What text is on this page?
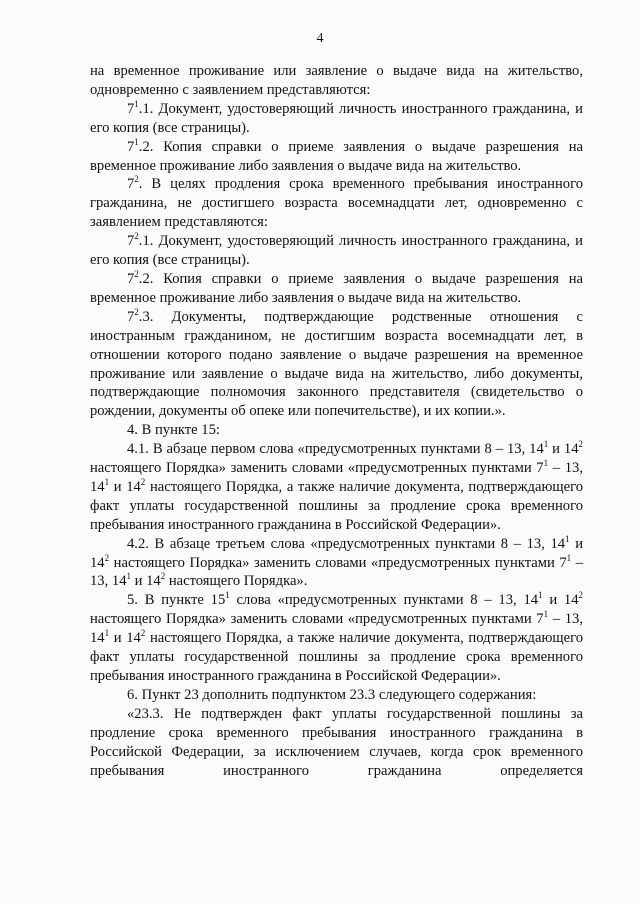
4

на временное проживание или заявление о выдаче вида на жительство, одновременно с заявлением представляются:

$7^1.1$. Документ, удостоверяющий личность иностранного гражданина, и его копия (все страницы).

$7^1.2$. Копия справки о приеме заявления о выдаче разрешения на временное проживание либо заявления о выдаче вида на жительство.

$7^2$. В целях продления срока временного пребывания иностранного гражданина, не достигшего возраста восемнадцати лет, одновременно с заявлением представляются:

$7^2.1$. Документ, удостоверяющий личность иностранного гражданина, и его копия (все страницы).

$7^2.2$. Копия справки о приеме заявления о выдаче разрешения на временное проживание либо заявления о выдаче вида на жительство.

$7^2.3$. Документы, подтверждающие родственные отношения с иностранным гражданином, не достигшим возраста восемнадцати лет, в отношении которого подано заявление о выдаче разрешения на временное проживание или заявление о выдаче вида на жительство, либо документы, подтверждающие полномочия законного представителя (свидетельство о рождении, документы об опеке или попечительстве), и их копии.».

4. В пункте 15:

4.1. В абзаце первом слова «предусмотренных пунктами 8 – 13, $14^1$ и $14^2$ настоящего Порядка» заменить словами «предусмотренных пунктами $7^1 - 13$, $14^1$ и $14^2$ настоящего Порядка, а также наличие документа, подтверждающего факт уплаты государственной пошлины за продление срока временного пребывания иностранного гражданина в Российской Федерации».

4.2. В абзаце третьем слова «предусмотренных пунктами 8 – 13, $14^1$ и $14^2$ настоящего Порядка» заменить словами «предусмотренных пунктами $7^1 - 13$, $14^1$ и $14^2$ настоящего Порядка».

5. В пункте $15^1$ слова «предусмотренных пунктами 8 – 13, $14^1$ и $14^2$ настоящего Порядка» заменить словами «предусмотренных пунктами $7^1 - 13$, $14^1$ и $14^2$ настоящего Порядка, а также наличие документа, подтверждающего факт уплаты государственной пошлины за продление срока временного пребывания иностранного гражданина в Российской Федерации».

6. Пункт 23 дополнить подпунктом 23.3 следующего содержания:

«23.3. Не подтвержден факт уплаты государственной пошлины за продление срока временного пребывания иностранного гражданина в Российской Федерации, за исключением случаев, когда срок временного пребывания иностранного гражданина определяется
